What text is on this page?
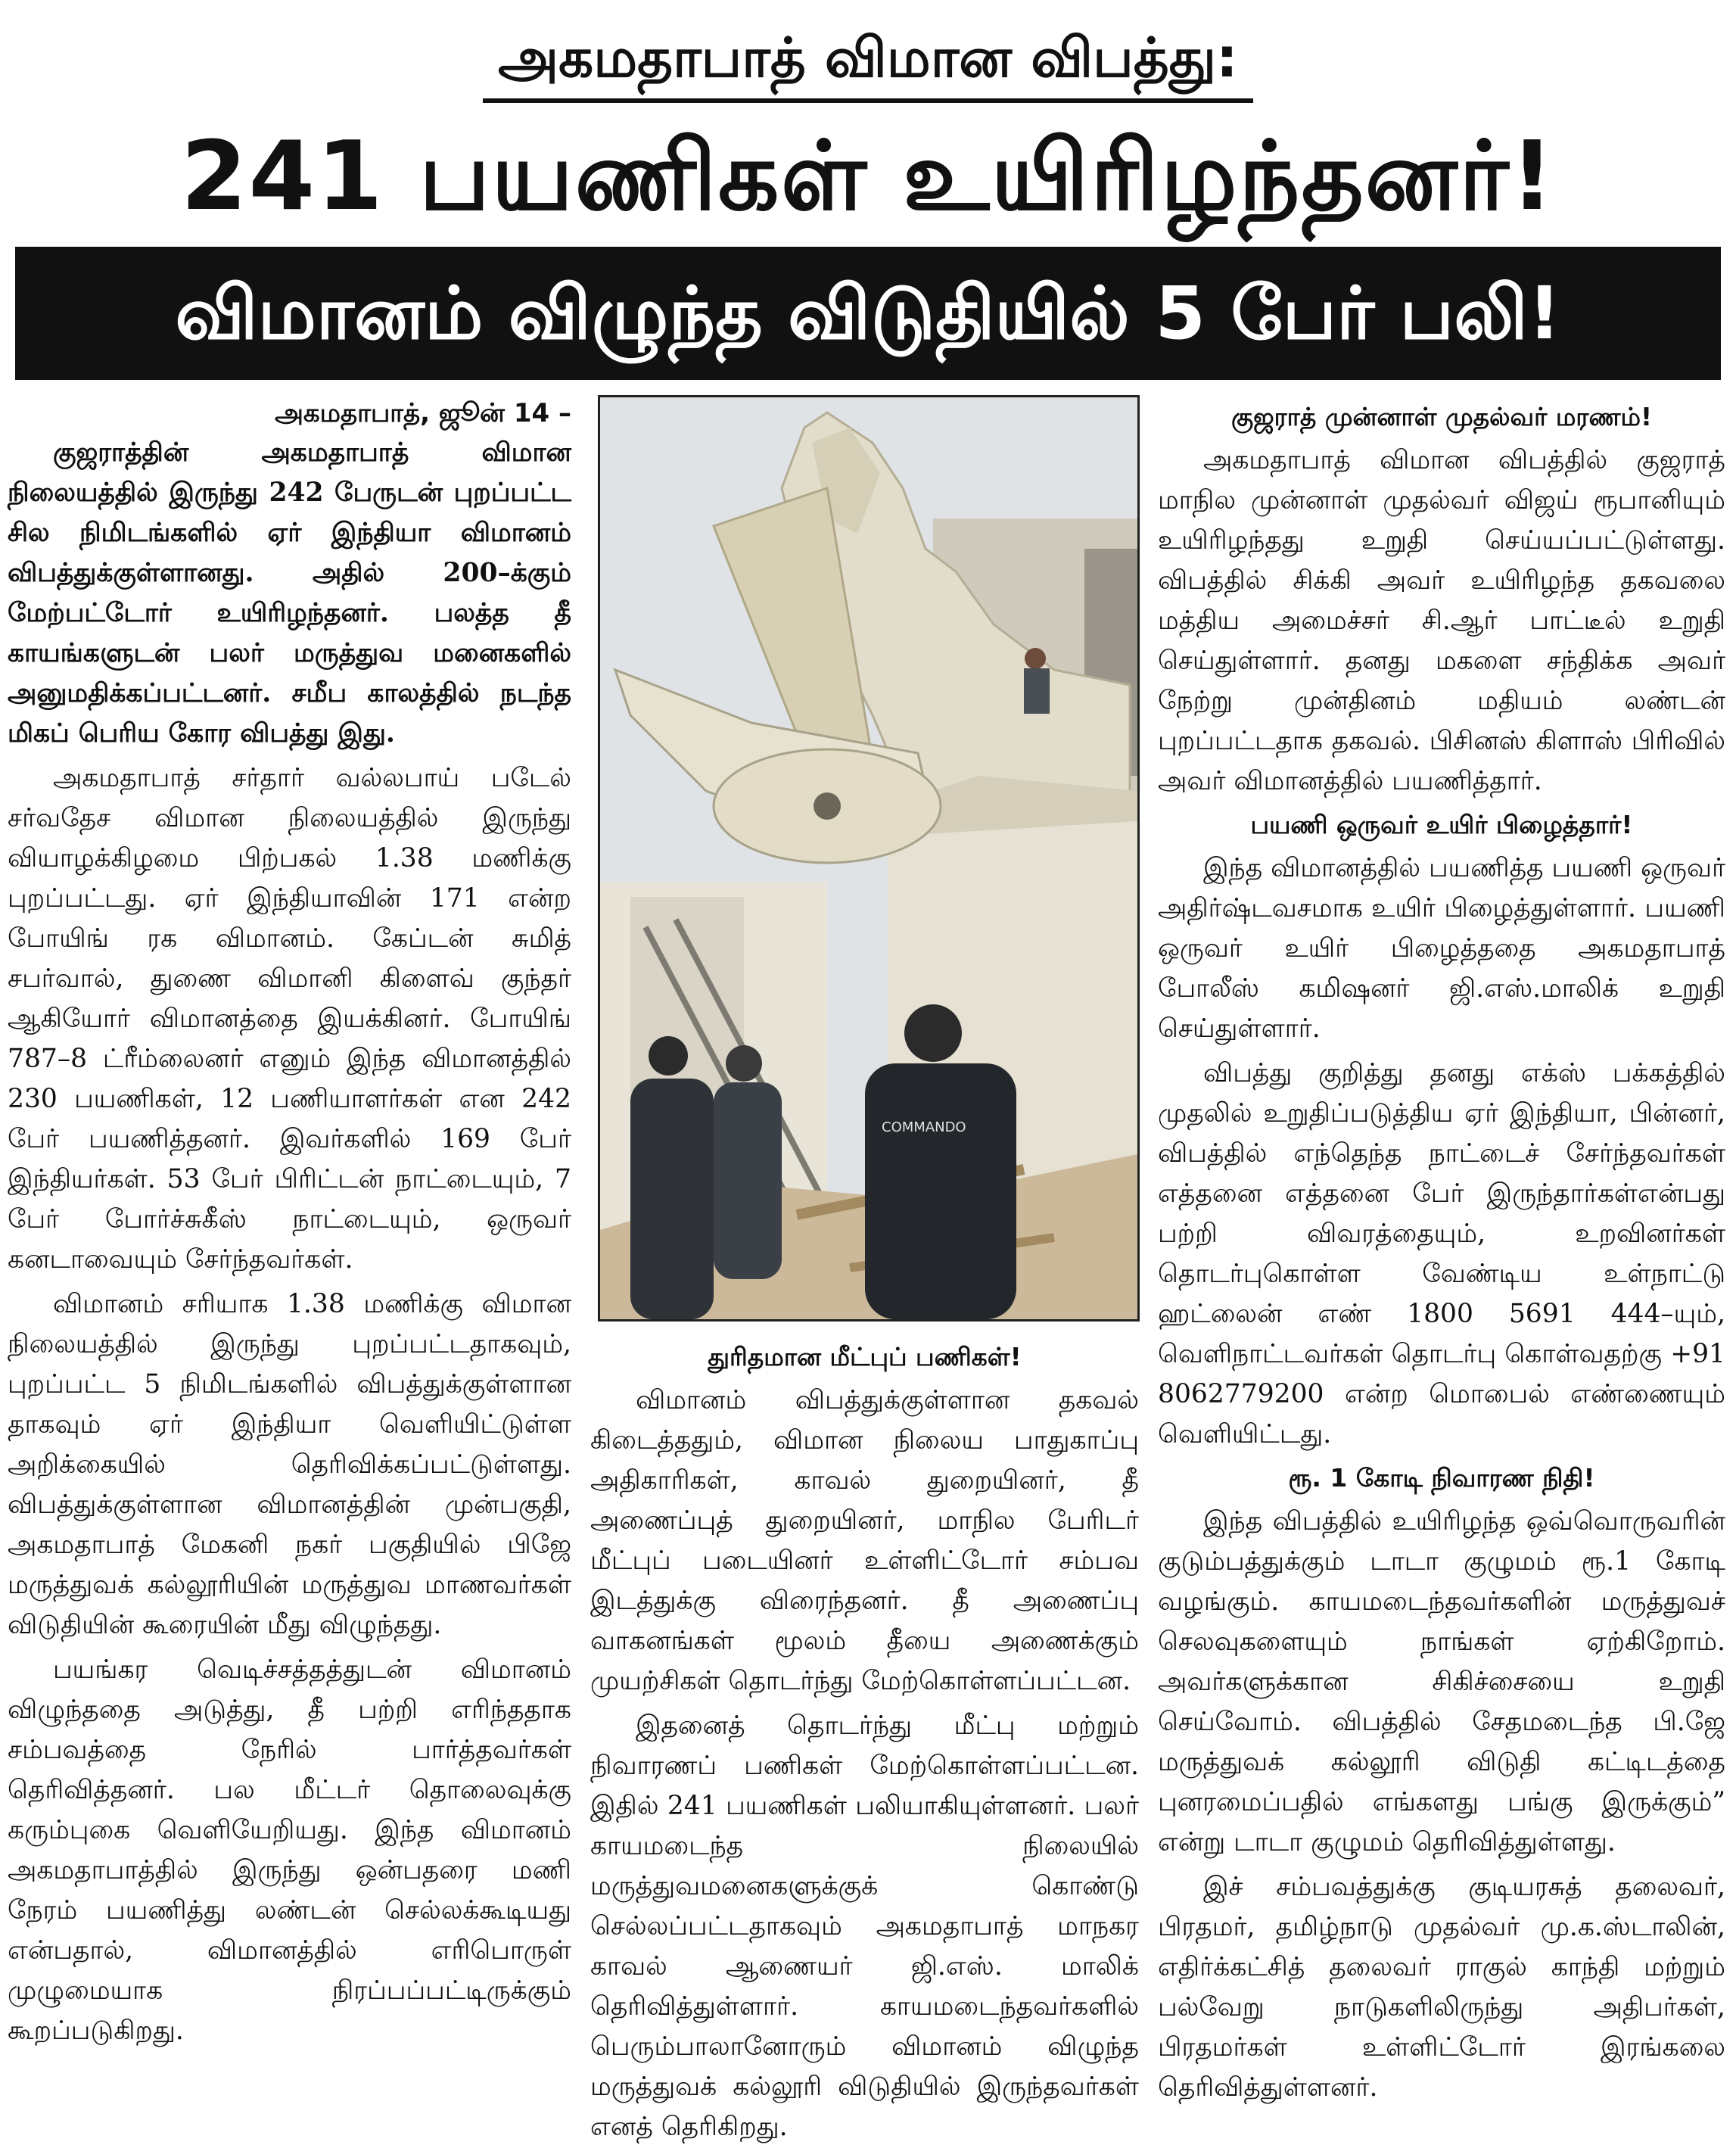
அகமதாபாத் விமான விபத்து:
241 பயணிகள் உயிரிழந்தனர்!
விமானம் விழுந்த விடுதியில் 5 பேர் பலி!
அகமதாபாத், ஜூன் 14 –

குஜராத்தின் அகமதாபாத் விமான நிலையத்தில் இருந்து 242 பேருடன் புறப்பட்ட சில நிமிடங்களில் ஏர் இந்தியா விமானம் விபத்துக்குள்ளானது. அதில் 200–க்கும் மேற்பட்டோர் உயிரிழந்தனர். பலத்த தீ காயங்களுடன் பலர் மருத்துவ மனைகளில் அனுமதிக்கப்பட்டனர். சமீப காலத்தில் நடந்த மிகப் பெரிய கோர விபத்து இது.

அகமதாபாத் சர்தார் வல்லபாய் படேல் சர்வதேச விமான நிலையத்தில் இருந்து வியாழக்கிழமை பிற்பகல் 1.38 மணிக்கு புறப்பட்டது. ஏர் இந்தியாவின் 171 என்ற போயிங் ரக விமானம். கேப்டன் சுமித் சபர்வால், துணை விமானி கிளைவ் குந்தர் ஆகியோர் விமானத்தை இயக்கினர். போயிங் 787–8 ட்ரீம்லைனர் எனும் இந்த விமானத்தில் 230 பயணிகள், 12 பணியாளர்கள் என 242 பேர் பயணித்தனர். இவர்களில் 169 பேர் இந்தியர்கள். 53 பேர் பிரிட்டன் நாட்டையும், 7 பேர் போர்ச்சுகீஸ் நாட்டையும், ஒருவர் கனடாவையும் சேர்ந்தவர்கள்.

விமானம் சரியாக 1.38 மணிக்கு விமான நிலையத்தில் இருந்து புறப்பட்டதாகவும், புறப்பட்ட 5 நிமிடங்களில் விபத்துக்குள்ளான தாகவும் ஏர் இந்தியா வெளியிட்டுள்ள அறிக்கையில் தெரிவிக்கப்பட்டுள்ளது. விபத்துக்குள்ளான விமானத்தின் முன்பகுதி, அகமதாபாத் மேகனி நகர் பகுதியில் பிஜே மருத்துவக் கல்லூரியின் மருத்துவ மாணவர்கள் விடுதியின் கூரையின் மீது விழுந்தது.

பயங்கர வெடிச்சத்தத்துடன் விமானம் விழுந்ததை அடுத்து, தீ பற்றி எரிந்ததாக சம்பவத்தை நேரில் பார்த்தவர்கள் தெரிவித்தனர். பல மீட்டர் தொலைவுக்கு கரும்புகை வெளியேறியது. இந்த விமானம் அகமதாபாத்தில் இருந்து ஒன்பதரை மணி நேரம் பயணித்து லண்டன் செல்லக்கூடியது என்பதால், விமானத்தில் எரிபொருள் முழுமையாக நிரப்பப்பட்டிருக்கும் கூறப்படுகிறது.

COMMANDO
துரிதமான மீட்புப் பணிகள்!

விமானம் விபத்துக்குள்ளான தகவல் கிடைத்ததும், விமான நிலைய பாதுகாப்பு அதிகாரிகள், காவல் துறையினர், தீ அணைப்புத் துறையினர், மாநில பேரிடர் மீட்புப் படையினர் உள்ளிட்டோர் சம்பவ இடத்துக்கு விரைந்தனர். தீ அணைப்பு வாகனங்கள் மூலம் தீயை அணைக்கும் முயற்சிகள் தொடர்ந்து மேற்கொள்ளப்பட்டன.

இதனைத் தொடர்ந்து மீட்பு மற்றும் நிவாரணப் பணிகள் மேற்கொள்ளப்பட்டன. இதில் 241 பயணிகள் பலியாகியுள்ளனர். பலர் காயமடைந்த நிலையில் மருத்துவமனைகளுக்குக் கொண்டு செல்லப்பட்டதாகவும் அகமதாபாத் மாநகர காவல் ஆணையர் ஜி.எஸ். மாலிக் தெரிவித்துள்ளார். காயமடைந்தவர்களில் பெரும்பாலானோரும் விமானம் விழுந்த மருத்துவக் கல்லூரி விடுதியில் இருந்தவர்கள் எனத் தெரிகிறது.

குஜராத் முன்னாள் முதல்வர் மரணம்!

அகமதாபாத் விமான விபத்தில் குஜராத் மாநில முன்னாள் முதல்வர் விஜய் ரூபானியும் உயிரிழந்தது உறுதி செய்யப்பட்டுள்ளது. விபத்தில் சிக்கி அவர் உயிரிழந்த தகவலை மத்திய அமைச்சர் சி.ஆர் பாட்டீல் உறுதி செய்துள்ளார். தனது மகளை சந்திக்க அவர் நேற்று முன்தினம் மதியம் லண்டன் புறப்பட்டதாக தகவல். பிசினஸ் கிளாஸ் பிரிவில் அவர் விமானத்தில் பயணித்தார்.

பயணி ஒருவர் உயிர் பிழைத்தார்!

இந்த விமானத்தில் பயணித்த பயணி ஒருவர் அதிர்ஷ்டவசமாக உயிர் பிழைத்துள்ளார். பயணி ஒருவர் உயிர் பிழைத்ததை அகமதாபாத் போலீஸ் கமிஷனர் ஜி.எஸ்.மாலிக் உறுதி செய்துள்ளார்.

விபத்து குறித்து தனது எக்ஸ் பக்கத்தில் முதலில் உறுதிப்படுத்திய ஏர் இந்தியா, பின்னர், விபத்தில் எந்தெந்த நாட்டைச் சேர்ந்தவர்கள் எத்தனை எத்தனை பேர் இருந்தார்கள்என்பது பற்றி விவரத்தையும், உறவினர்கள் தொடர்புகொள்ள வேண்டிய உள்நாட்டு ஹட்லைன் எண் 1800 5691 444–யும், வெளிநாட்டவர்கள் தொடர்பு கொள்வதற்கு +91 8062779200 என்ற மொபைல் எண்ணையும் வெளியிட்டது.

ரூ. 1 கோடி நிவாரண நிதி!

இந்த விபத்தில் உயிரிழந்த ஒவ்வொருவரின் குடும்பத்துக்கும் டாடா குழுமம் ரூ.1 கோடி வழங்கும். காயமடைந்தவர்களின் மருத்துவச் செலவுகளையும் நாங்கள் ஏற்கிறோம். அவர்களுக்கான சிகிச்சையை உறுதி செய்வோம். விபத்தில் சேதமடைந்த பி.ஜே மருத்துவக் கல்லூரி விடுதி கட்டிடத்தை புனரமைப்பதில் எங்களது பங்கு இருக்கும்” என்று டாடா குழுமம் தெரிவித்துள்ளது.

இச் சம்பவத்துக்கு குடியரசுத் தலைவர், பிரதமர், தமிழ்நாடு முதல்வர் மு.க.ஸ்டாலின், எதிர்க்கட்சித் தலைவர் ராகுல் காந்தி மற்றும் பல்வேறு நாடுகளிலிருந்து அதிபர்கள், பிரதமர்கள் உள்ளிட்டோர் இரங்கலை தெரிவித்துள்ளனர்.
